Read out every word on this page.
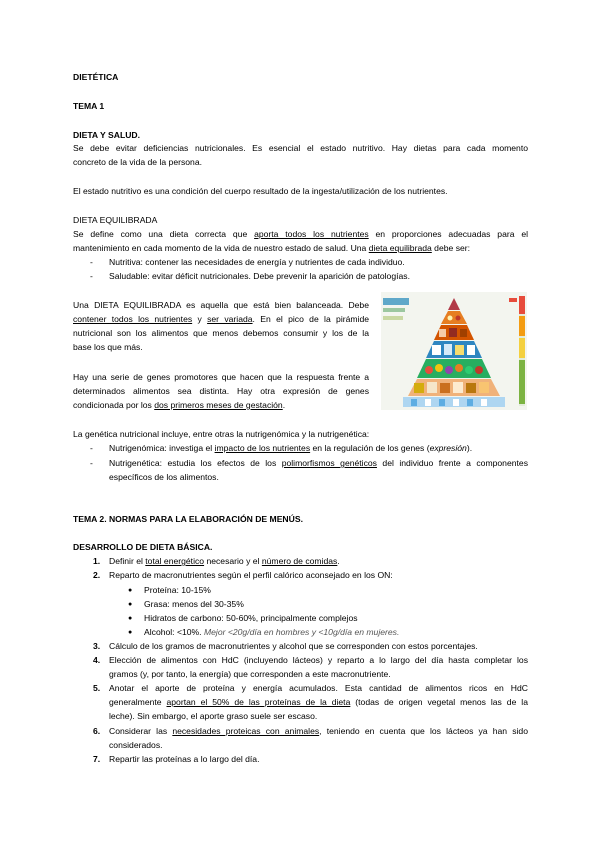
DIETÉTICA
TEMA 1
DIETA Y SALUD.
Se debe evitar deficiencias nutricionales. Es esencial el estado nutritivo. Hay dietas para cada momento
concreto de la vida de la persona.
El estado nutritivo es una condición del cuerpo resultado de la ingesta/utilización de los nutrientes.
DIETA EQUILIBRADA
Se define como una dieta correcta que aporta todos los nutrientes en proporciones adecuadas para el
mantenimiento en cada momento de la vida de nuestro estado de salud. Una dieta equilibrada debe ser:
- Nutritiva: contener las necesidades de energía y nutrientes de cada individuo.
- Saludable: evitar déficit nutricionales. Debe prevenir la aparición de patologías.
Una DIETA EQUILIBRADA es aquella que está bien balanceada. Debe
contener todos los nutrientes y ser variada. En el pico de la pirámide
nutricional son los alimentos que menos debemos consumir y los de la
base los que más.
Hay una serie de genes promotores que hacen que la respuesta frente a
determinados alimentos sea distinta. Hay otra expresión de genes
condicionada por los dos primeros meses de gestación.
La genética nutricional incluye, entre otras la nutrigenómica y la nutrigenética:
- Nutrigenómica: investiga el impacto de los nutrientes en la regulación de los genes (expresión).
- Nutrigenética: estudia los efectos de los polimorfismos genéticos del individuo frente a componentes
específicos de los alimentos.
TEMA 2. NORMAS PARA LA ELABORACIÓN DE MENÚS.
DESARROLLO DE DIETA BÁSICA.
1. Definir el total energético necesario y el número de comidas.
2. Reparto de macronutrientes según el perfil calórico aconsejado en los ON:
● Proteína: 10-15%
● Grasa: menos del 30-35%
● Hidratos de carbono: 50-60%, principalmente complejos
● Alcohol: <10%. Mejor <20g/día en hombres y <10g/día en mujeres.
3. Cálculo de los gramos de macronutrientes y alcohol que se corresponden con estos porcentajes.
4. Elección de alimentos con HdC (incluyendo lácteos) y reparto a lo largo del día hasta completar los
gramos (y, por tanto, la energía) que corresponden a este macronutriente.
5. Anotar el aporte de proteína y energía acumulados. Esta cantidad de alimentos ricos en HdC
generalmente aportan el 50% de las proteínas de la dieta (todas de origen vegetal menos las de la
leche). Sin embargo, el aporte graso suele ser escaso.
6. Considerar las necesidades proteicas con animales, teniendo en cuenta que los lácteos ya han sido
considerados.
7. Repartir las proteínas a lo largo del día.
